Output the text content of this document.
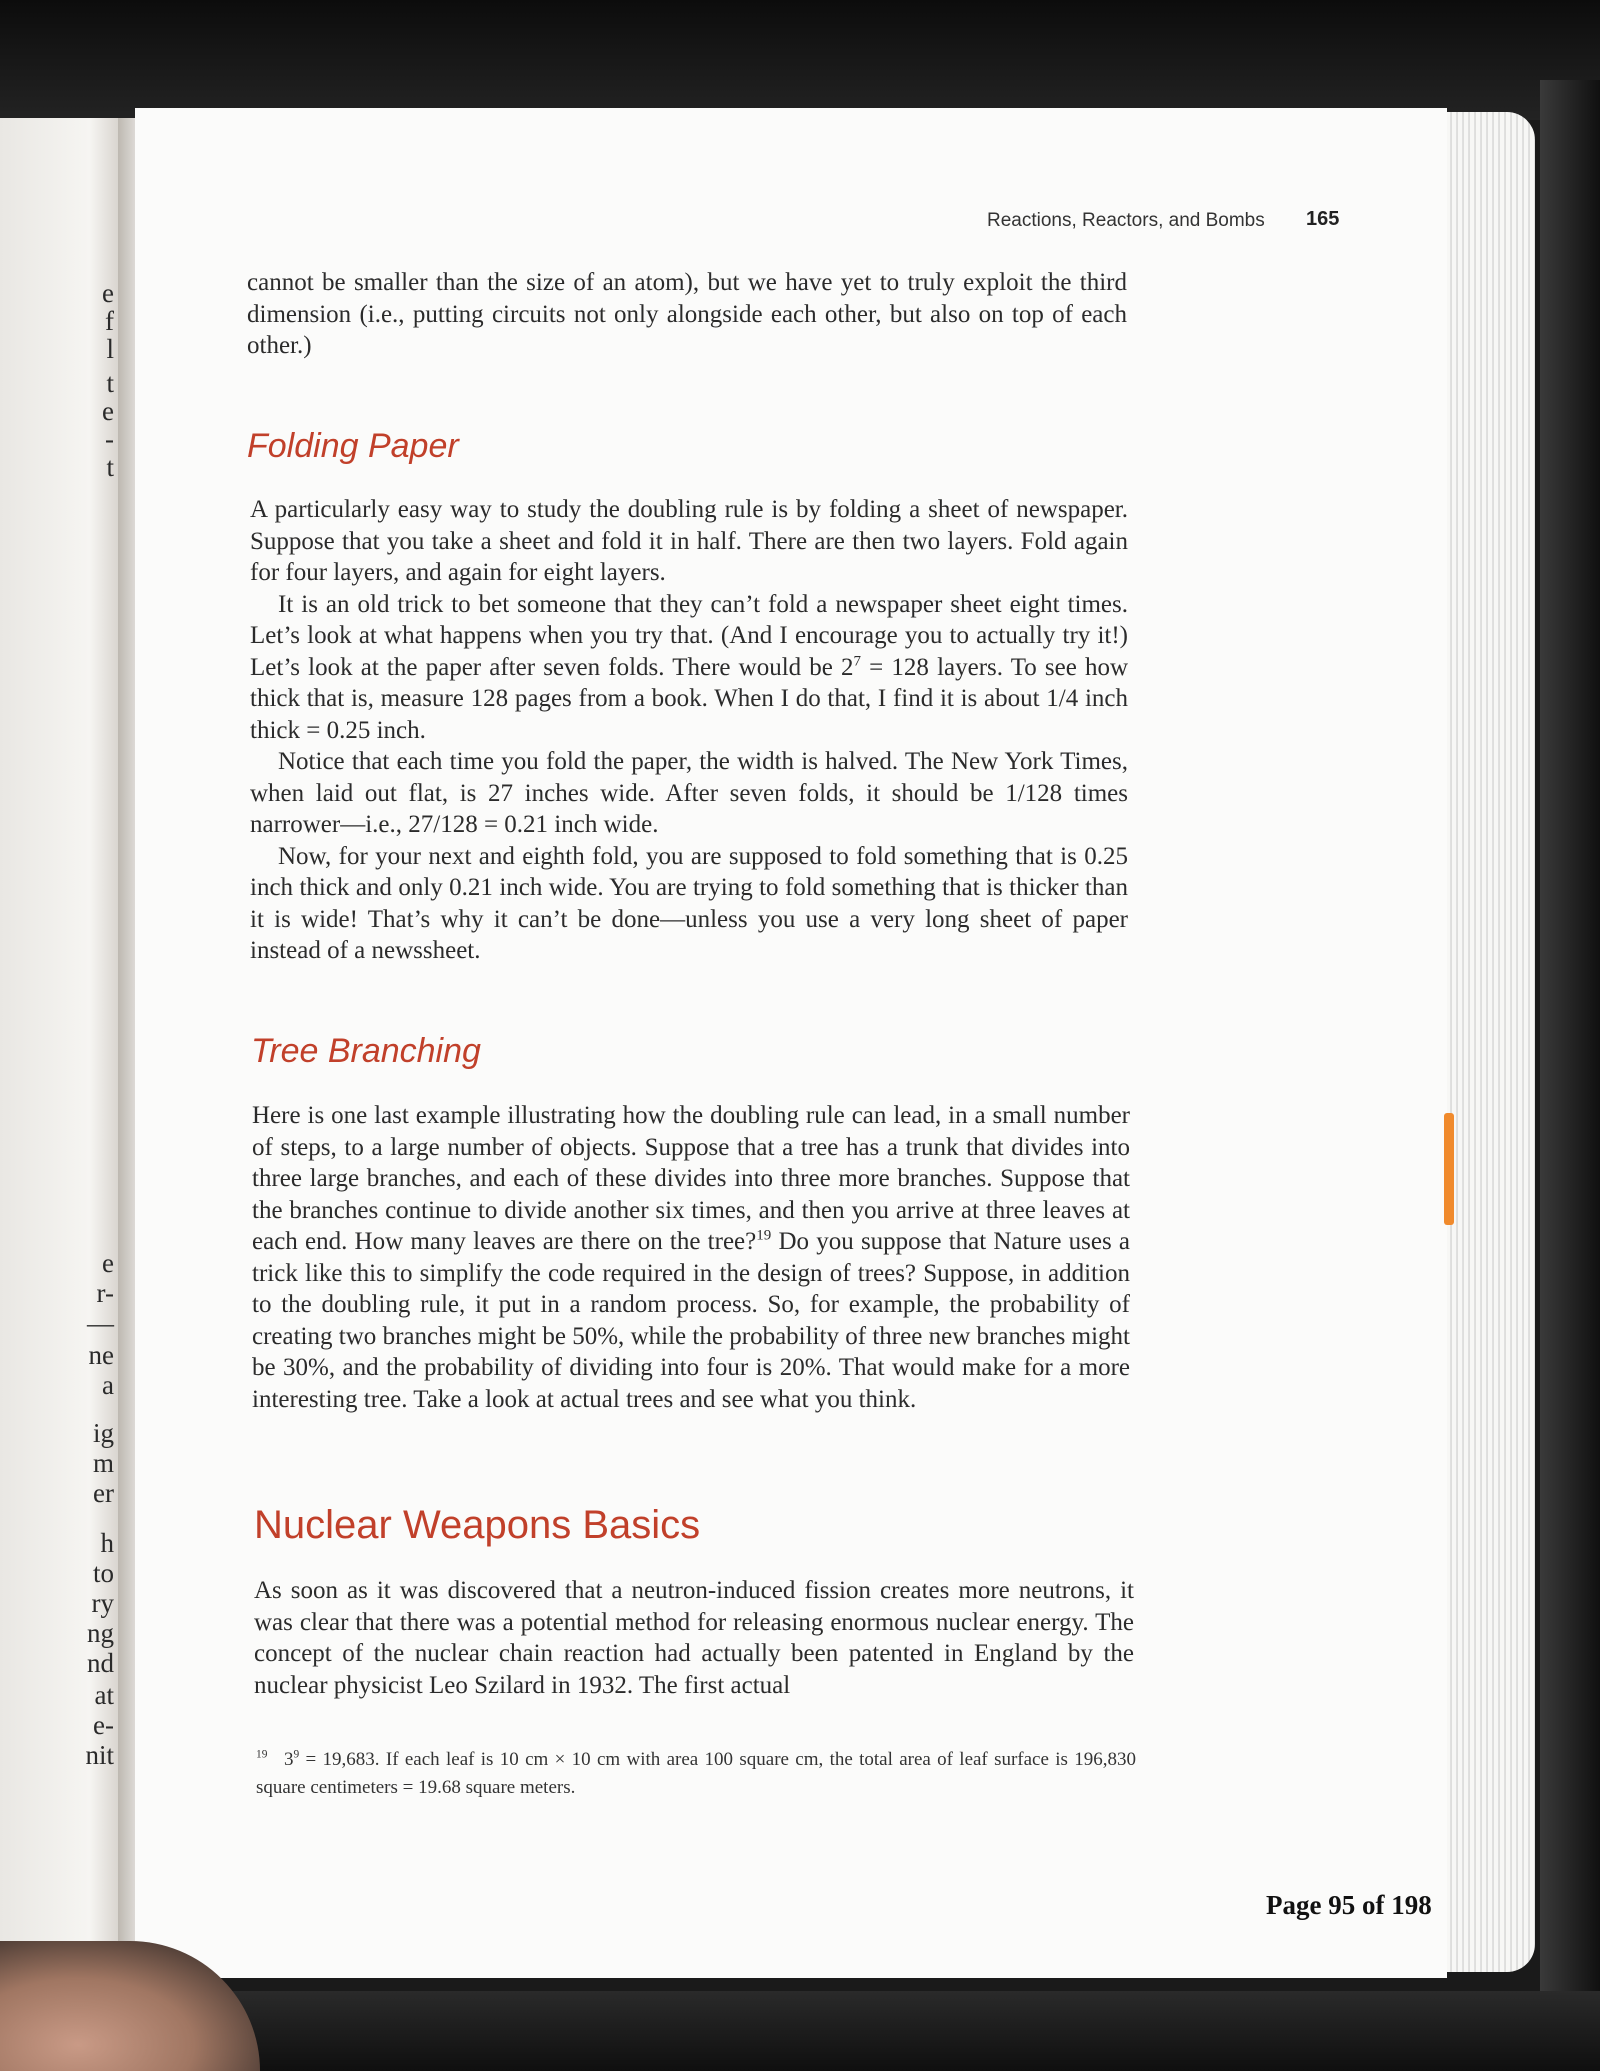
e
f
l
t
e
-
t
e
r-
—
ne
a
ig
m
er
h
to
ry
ng
nd
at
e-
nit
Reactions, Reactors, and Bombs 165

cannot be smaller than the size of an atom), but we have yet to truly exploit the third dimension (i.e., putting circuits not only alongside each other, but also on top of each other.)

Folding Paper

A particularly easy way to study the doubling rule is by folding a sheet of newspaper. Suppose that you take a sheet and fold it in half. There are then two layers. Fold again for four layers, and again for eight layers.

It is an old trick to bet someone that they can’t fold a newspaper sheet eight times. Let’s look at what happens when you try that. (And I encourage you to actually try it!) Let’s look at the paper after seven folds. There would be $2^7 = 128$ layers. To see how thick that is, measure 128 pages from a book. When I do that, I find it is about 1/4 inch thick = 0.25 inch.

Notice that each time you fold the paper, the width is halved. The New York Times, when laid out flat, is 27 inches wide. After seven folds, it should be 1/128 times narrower—i.e., 27/128 = 0.21 inch wide.

Now, for your next and eighth fold, you are supposed to fold something that is 0.25 inch thick and only 0.21 inch wide. You are trying to fold something that is thicker than it is wide! That’s why it can’t be done—unless you use a very long sheet of paper instead of a newssheet.

Tree Branching

Here is one last example illustrating how the doubling rule can lead, in a small number of steps, to a large number of objects. Suppose that a tree has a trunk that divides into three large branches, and each of these divides into three more branches. Suppose that the branches continue to divide another six times, and then you arrive at three leaves at each end. How many leaves are there on the tree?$^{19}$ Do you suppose that Nature uses a trick like this to simplify the code required in the design of trees? Suppose, in addition to the doubling rule, it put in a random process. So, for example, the probability of creating two branches might be 50%, while the probability of three new branches might be 30%, and the probability of dividing into four is 20%. That would make for a more interesting tree. Take a look at actual trees and see what you think.

Nuclear Weapons Basics

As soon as it was discovered that a neutron-induced fission creates more neutrons, it was clear that there was a potential method for releasing enormous nuclear energy. The concept of the nuclear chain reaction had actually been patented in England by the nuclear physicist Leo Szilard in 1932. The first actual

$^{19}$ $3^9 = 19,683$. If each leaf is 10 cm × 10 cm with area 100 square cm, the total area of leaf surface is 196,830 square centimeters = 19.68 square meters.
Page 95 of 198
